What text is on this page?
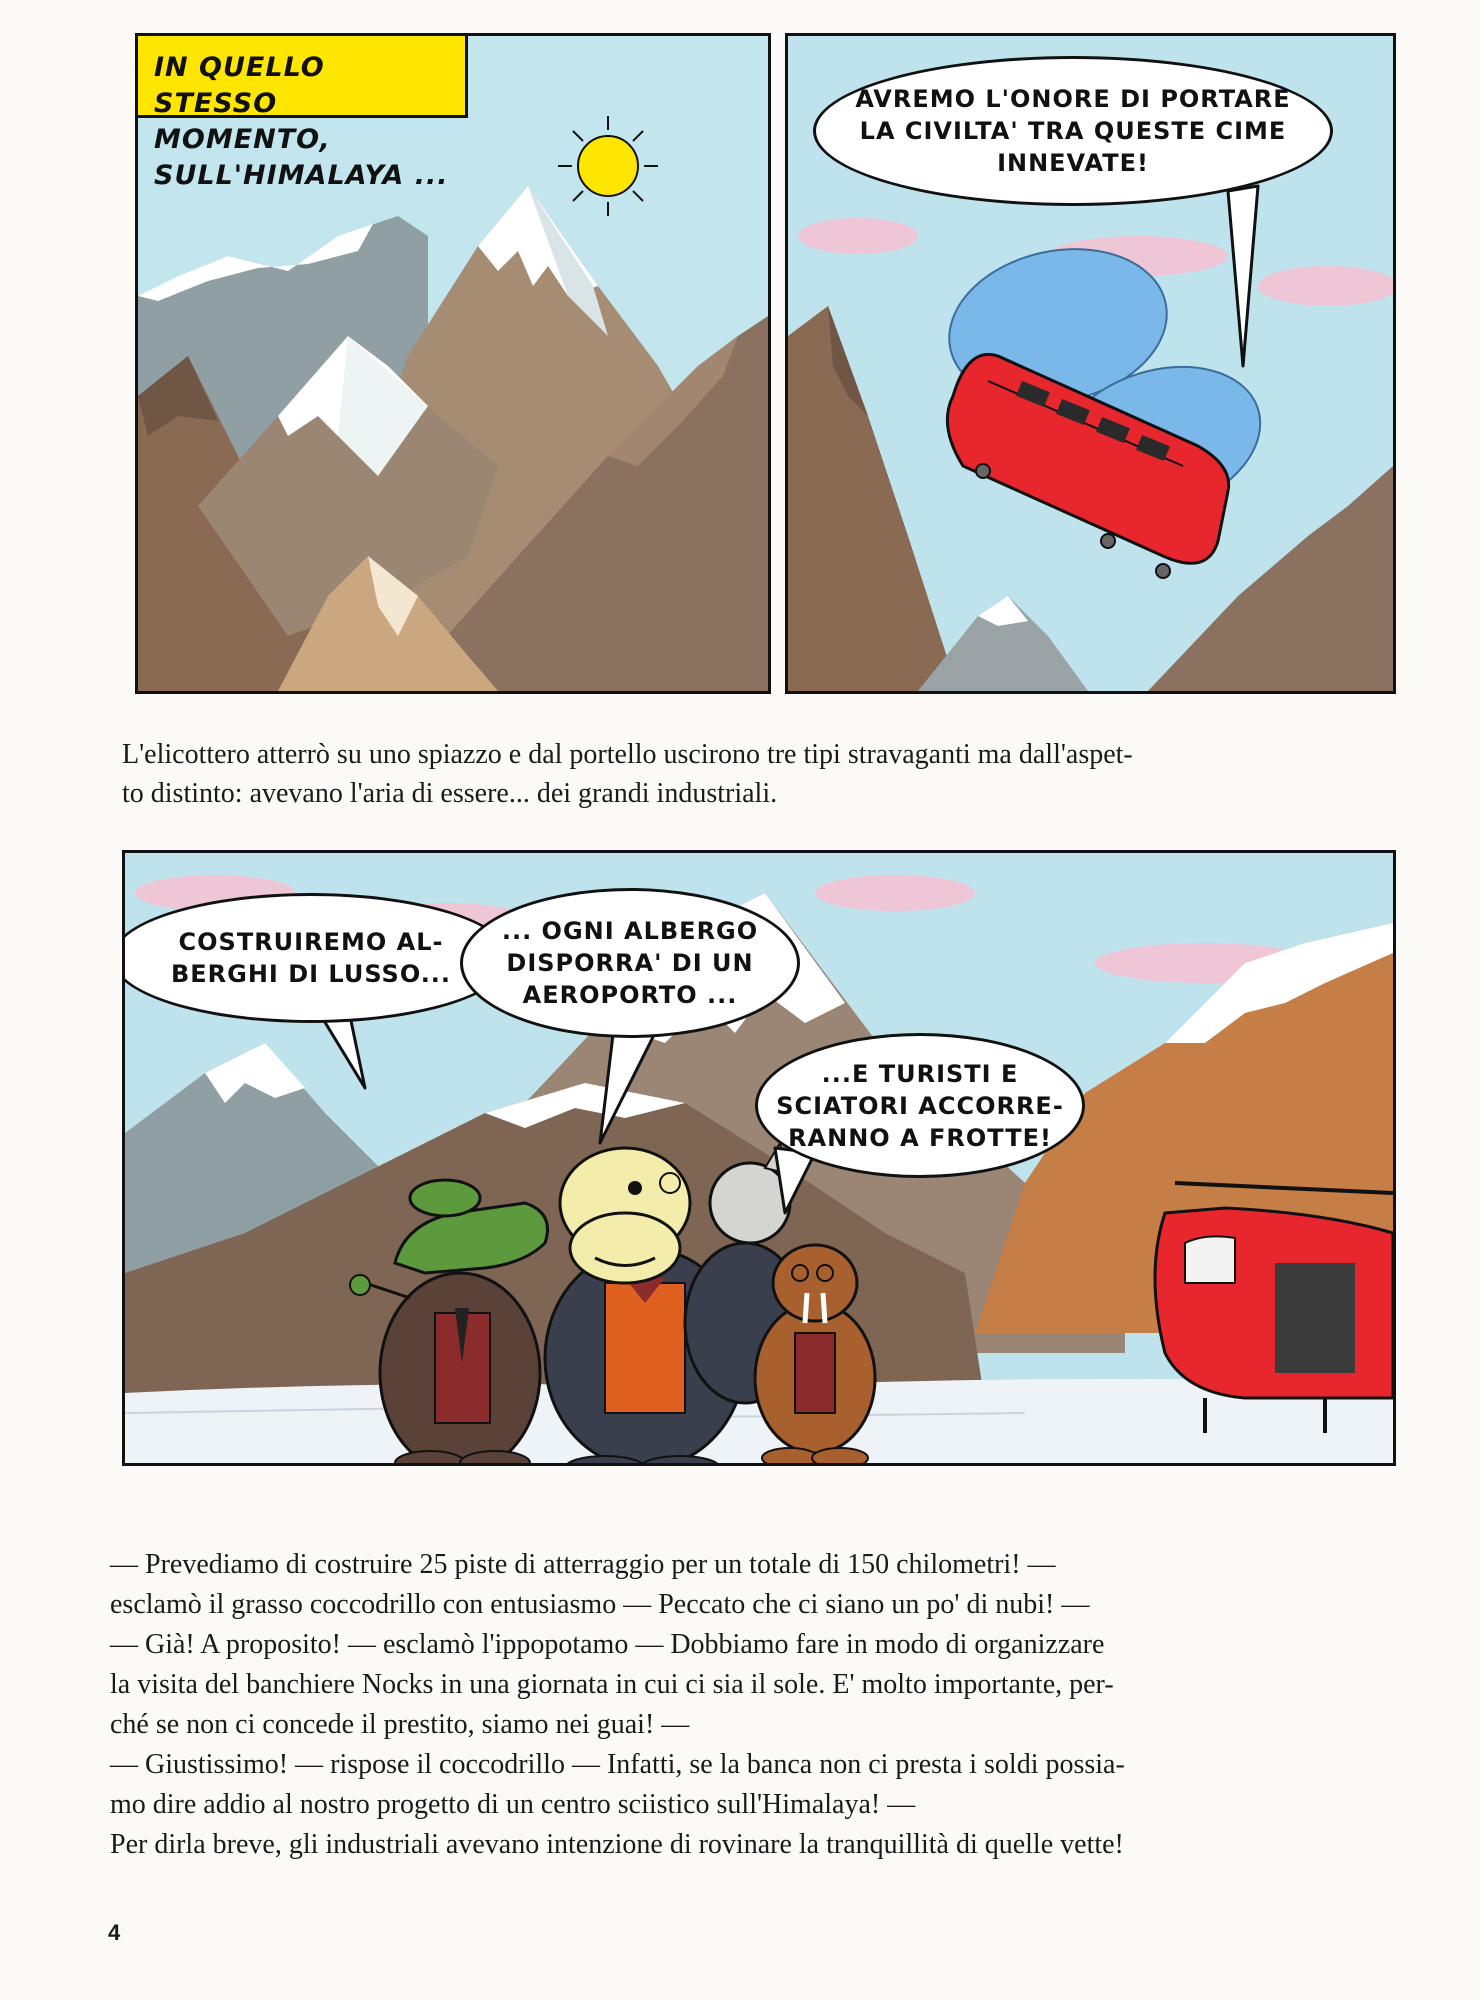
IN QUELLO STESSO MOMENTO,
SULL'HIMALAYA ...
AVREMO L'ONORE DI PORTARE
LA CIVILTA' TRA QUESTE CIME
INNEVATE!
L'elicottero atterrò su uno spiazzo e dal portello uscirono tre tipi stravaganti ma dall'aspet-
to distinto: avevano l'aria di essere... dei grandi industriali.
COSTRUIREMO AL-
BERGHI DI LUSSO...
... OGNI ALBERGO
DISPORRA' DI UN
AEROPORTO ...
...E TURISTI E
SCIATORI ACCORRE-
RANNO A FROTTE!
— Prevediamo di costruire 25 piste di atterraggio per un totale di 150 chilometri! —
esclamò il grasso coccodrillo con entusiasmo — Peccato che ci siano un po' di nubi! —
— Già! A proposito! — esclamò l'ippopotamo — Dobbiamo fare in modo di organizzare
la visita del banchiere Nocks in una giornata in cui ci sia il sole. E' molto importante, per-
ché se non ci concede il prestito, siamo nei guai! —
— Giustissimo! — rispose il coccodrillo — Infatti, se la banca non ci presta i soldi possia-
mo dire addio al nostro progetto di un centro sciistico sull'Himalaya! —
Per dirla breve, gli industriali avevano intenzione di rovinare la tranquillità di quelle vette!
4
